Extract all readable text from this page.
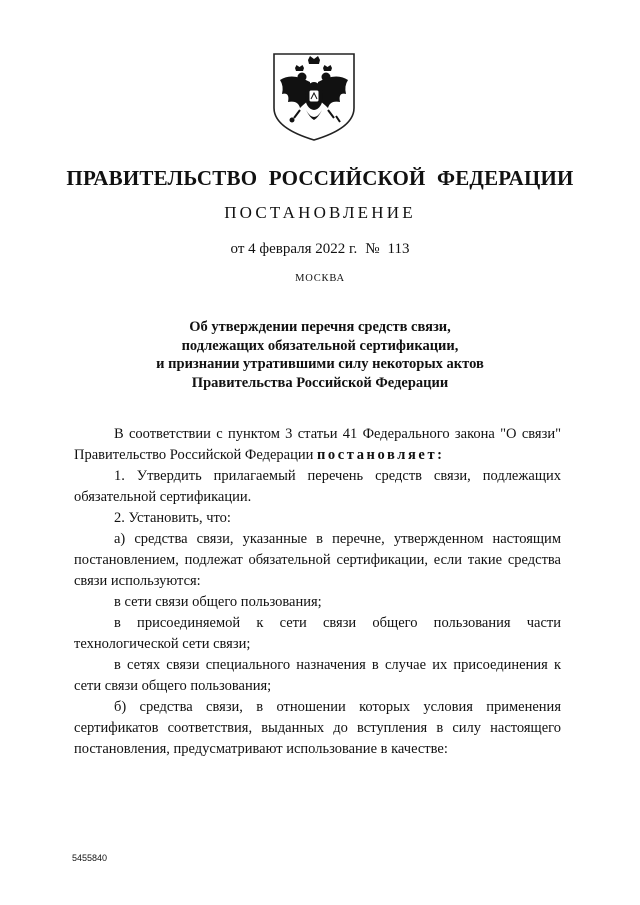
ПРАВИТЕЛЬСТВО РОССИЙСКОЙ ФЕДЕРАЦИИ
ПОСТАНОВЛЕНИЕ
от 4 февраля 2022 г. № 113
МОСКВА
Об утверждении перечня средств связи,
подлежащих обязательной сертификации,
и признании утратившими силу некоторых актов
Правительства Российской Федерации

В соответствии с пунктом 3 статьи 41 Федерального закона "О связи" Правительство Российской Федерации постановляет:

1. Утвердить прилагаемый перечень средств связи, подлежащих обязательной сертификации.

2. Установить, что:

а) средства связи, указанные в перечне, утвержденном настоящим постановлением, подлежат обязательной сертификации, если такие средства связи используются:

в сети связи общего пользования;

в присоединяемой к сети связи общего пользования части технологической сети связи;

в сетях связи специального назначения в случае их присоединения к сети связи общего пользования;

б) средства связи, в отношении которых условия применения сертификатов соответствия, выданных до вступления в силу настоящего постановления, предусматривают использование в качестве:

5455840
